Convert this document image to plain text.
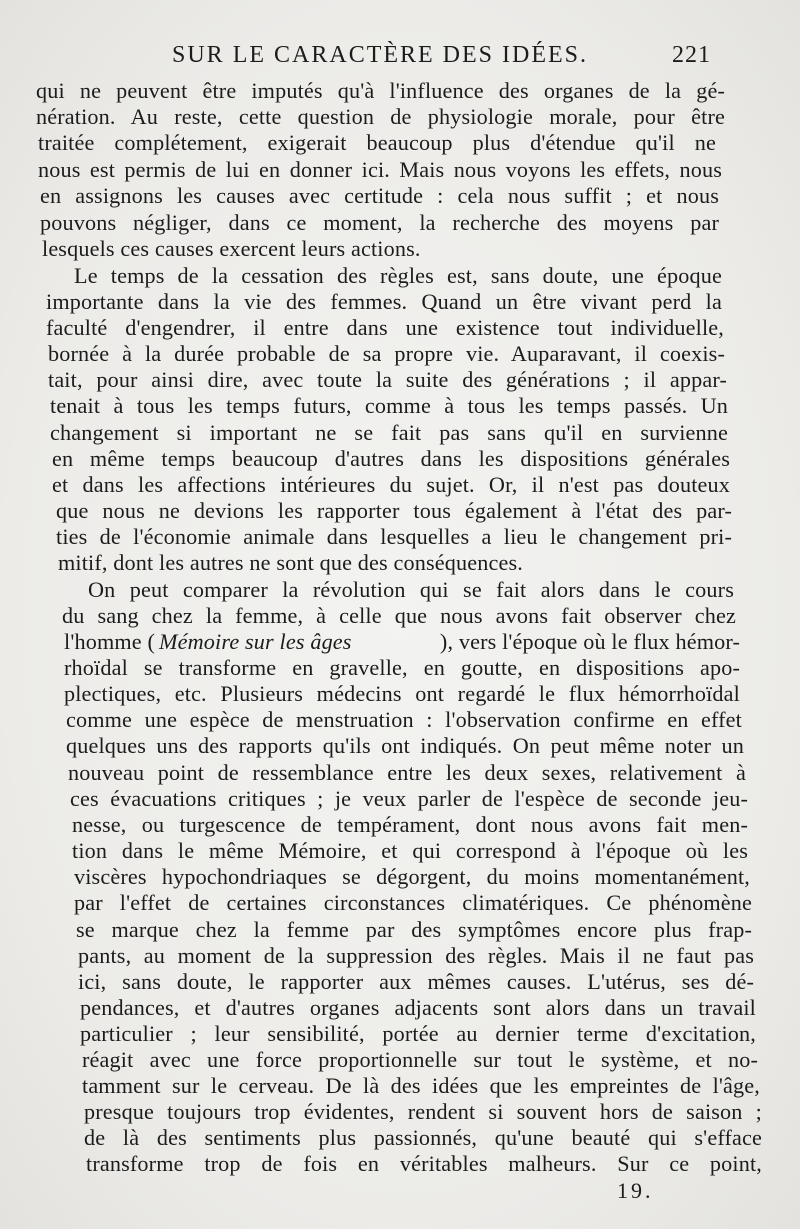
SUR LE CARACTÈRE DES IDÉES.	221
qui ne peuvent être imputés qu'à l'influence des organes de la gé-
nération. Au reste, cette question de physiologie morale, pour être
traitée complétement, exigerait beaucoup plus d'étendue qu'il ne
nous est permis de lui en donner ici. Mais nous voyons les effets, nous
en assignons les causes avec certitude : cela nous suffit ; et nous
pouvons négliger, dans ce moment, la recherche des moyens par
lesquels ces causes exercent leurs actions.
Le temps de la cessation des règles est, sans doute, une époque
importante dans la vie des femmes. Quand un être vivant perd la
faculté d'engendrer, il entre dans une existence tout individuelle,
bornée à la durée probable de sa propre vie. Auparavant, il coexis-
tait, pour ainsi dire, avec toute la suite des générations ; il appar-
tenait à tous les temps futurs, comme à tous les temps passés. Un
changement si important ne se fait pas sans qu'il en survienne
en même temps beaucoup d'autres dans les dispositions générales
et dans les affections intérieures du sujet. Or, il n'est pas douteux
que nous ne devions les rapporter tous également à l'état des par-
ties de l'économie animale dans lesquelles a lieu le changement pri-
mitif, dont les autres ne sont que des conséquences.
On peut comparer la révolution qui se fait alors dans le cours
du sang chez la femme, à celle que nous avons fait observer chez
l'homme ( Mémoire sur les âges	), vers l'époque où le flux hémor-
rhoïdal se transforme en gravelle, en goutte, en dispositions apo-
plectiques, etc. Plusieurs médecins ont regardé le flux hémorrhoïdal
comme une espèce de menstruation : l'observation confirme en effet
quelques uns des rapports qu'ils ont indiqués. On peut même noter un
nouveau point de ressemblance entre les deux sexes, relativement à
ces évacuations critiques ; je veux parler de l'espèce de seconde jeu-
nesse, ou turgescence de tempérament, dont nous avons fait men-
tion dans le même Mémoire, et qui correspond à l'époque où les
viscères hypochondriaques se dégorgent, du moins momentanément,
par l'effet de certaines circonstances climatériques. Ce phénomène
se marque chez la femme par des symptômes encore plus frap-
pants, au moment de la suppression des règles. Mais il ne faut pas
ici, sans doute, le rapporter aux mêmes causes. L'utérus, ses dé-
pendances, et d'autres organes adjacents sont alors dans un travail
particulier ; leur sensibilité, portée au dernier terme d'excitation,
réagit avec une force proportionnelle sur tout le système, et no-
tamment sur le cerveau. De là des idées que les empreintes de l'âge,
presque toujours trop évidentes, rendent si souvent hors de saison ;
de là des sentiments plus passionnés, qu'une beauté qui s'efface
transforme trop de fois en véritables malheurs. Sur ce point,
19.
